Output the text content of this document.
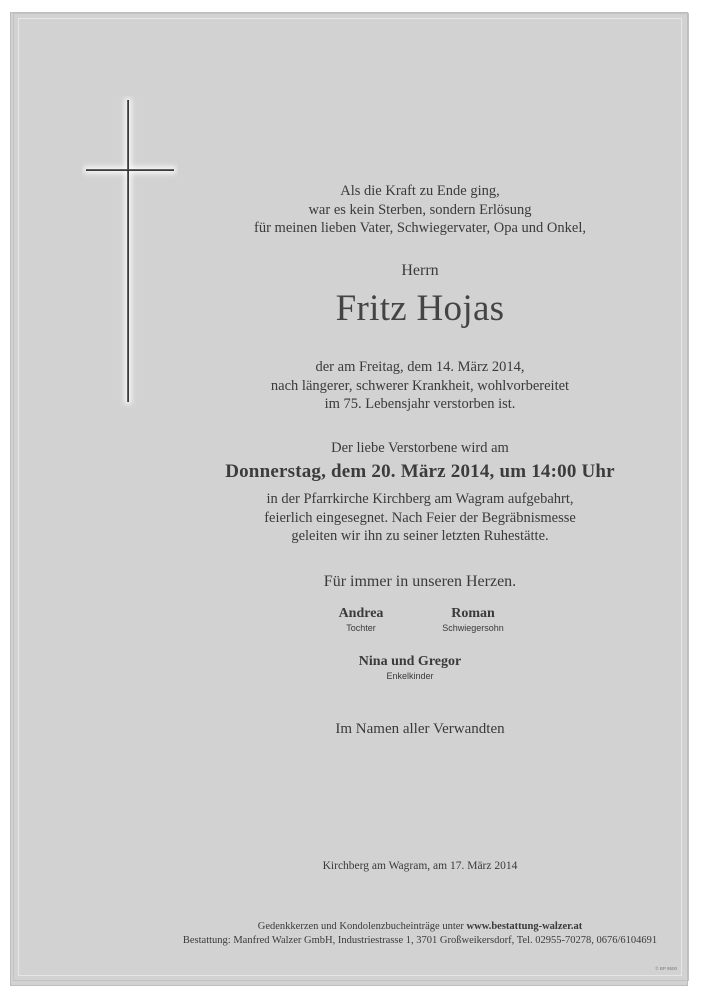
Als die Kraft zu Ende ging,
war es kein Sterben, sondern Erlösung
für meinen lieben Vater, Schwiegervater, Opa und Onkel,
Herrn
Fritz Hojas
der am Freitag, dem 14. März 2014,
nach längerer, schwerer Krankheit, wohlvorbereitet
im 75. Lebensjahr verstorben ist.
Der liebe Verstorbene wird am
Donnerstag, dem 20. März 2014, um 14:00 Uhr
in der Pfarrkirche Kirchberg am Wagram aufgebahrt,
feierlich eingesegnet. Nach Feier der Begräbnismesse
geleiten wir ihn zu seiner letzten Ruhestätte.
Für immer in unseren Herzen.
Andrea
Tochter
Roman
Schwiegersohn
Nina und Gregor
Enkelkinder
Im Namen aller Verwandten
Kirchberg am Wagram, am 17. März 2014
Gedenkkerzen und Kondolenzbucheinträge unter www.bestattung-walzer.at
Bestattung: Manfred Walzer GmbH, Industriestrasse 1, 3701 Großweikersdorf, Tel. 02955-70278, 0676/6104691
© BP 9500
